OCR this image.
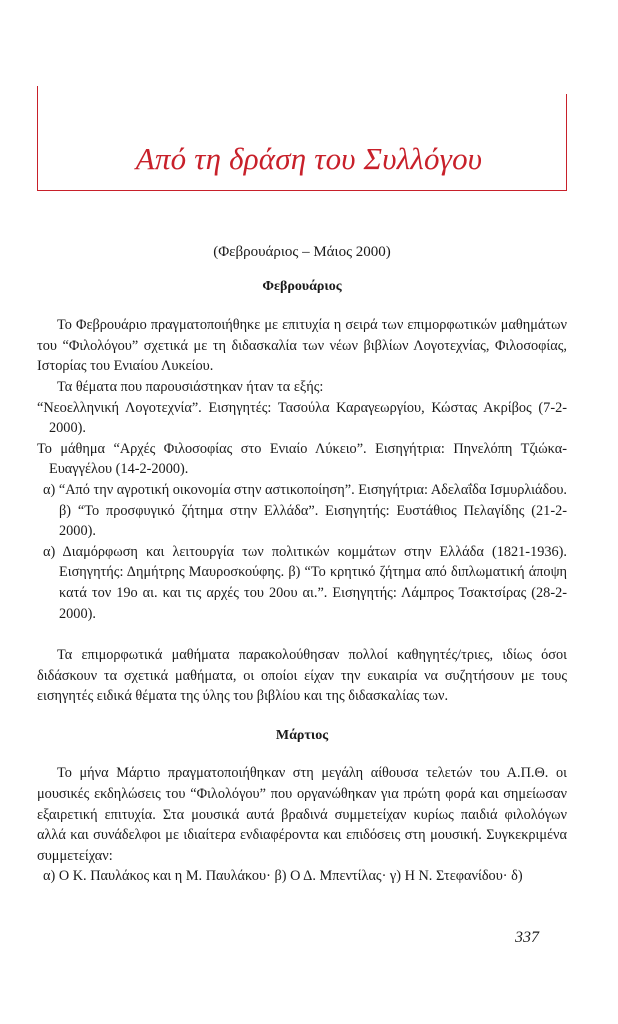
Από τη δράση του Συλλόγου

(Φεβρουάριος – Μάιος 2000)

Φεβρουάριος

Το Φεβρουάριο πραγματοποιήθηκε με επιτυχία η σειρά των επιμορφωτικών μαθημάτων του “Φιλολόγου” σχετικά με τη διδασκαλία των νέων βιβλίων Λογοτεχνίας, Φιλοσοφίας, Ιστορίας του Ενιαίου Λυκείου.

Τα θέματα που παρουσιάστηκαν ήταν τα εξής:

“Νεοελληνική Λογοτεχνία”. Εισηγητές: Τασούλα Καραγεωργίου, Κώστας Ακρίβος (7-2-2000).

Το μάθημα “Αρχές Φιλοσοφίας στο Ενιαίο Λύκειο”. Εισηγήτρια: Πηνελόπη Τζιώκα-Ευαγγέλου (14-2-2000).

α) “Από την αγροτική οικονομία στην αστικοποίηση”. Εισηγήτρια: Αδελαΐδα Ισμυρλιάδου. β) “Το προσφυγικό ζήτημα στην Ελλάδα”. Εισηγητής: Ευστάθιος Πελαγίδης (21-2-2000).

α) Διαμόρφωση και λειτουργία των πολιτικών κομμάτων στην Ελλάδα (1821-1936). Εισηγητής: Δημήτρης Μαυροσκούφης. β) “Το κρητικό ζήτημα από διπλωματική άποψη κατά τον 19ο αι. και τις αρχές του 20ου αι.”. Εισηγητής: Λάμπρος Τσακτσίρας (28-2-2000).

Τα επιμορφωτικά μαθήματα παρακολούθησαν πολλοί καθηγητές/τριες, ιδίως όσοι διδάσκουν τα σχετικά μαθήματα, οι οποίοι είχαν την ευκαιρία να συζητήσουν με τους εισηγητές ειδικά θέματα της ύλης του βιβλίου και της διδασκαλίας των.

Μάρτιος

Το μήνα Μάρτιο πραγματοποιήθηκαν στη μεγάλη αίθουσα τελετών του Α.Π.Θ. οι μουσικές εκδηλώσεις του “Φιλολόγου” που οργανώθηκαν για πρώτη φορά και σημείωσαν εξαιρετική επιτυχία. Στα μουσικά αυτά βραδινά συμμετείχαν κυρίως παιδιά φιλολόγων αλλά και συνάδελφοι με ιδιαίτερα ενδιαφέροντα και επιδόσεις στη μουσική. Συγκεκριμένα συμμετείχαν:

α) Ο Κ. Παυλάκος και η Μ. Παυλάκου· β) Ο Δ. Μπεντίλας· γ) Η Ν. Στεφανίδου· δ)

337
